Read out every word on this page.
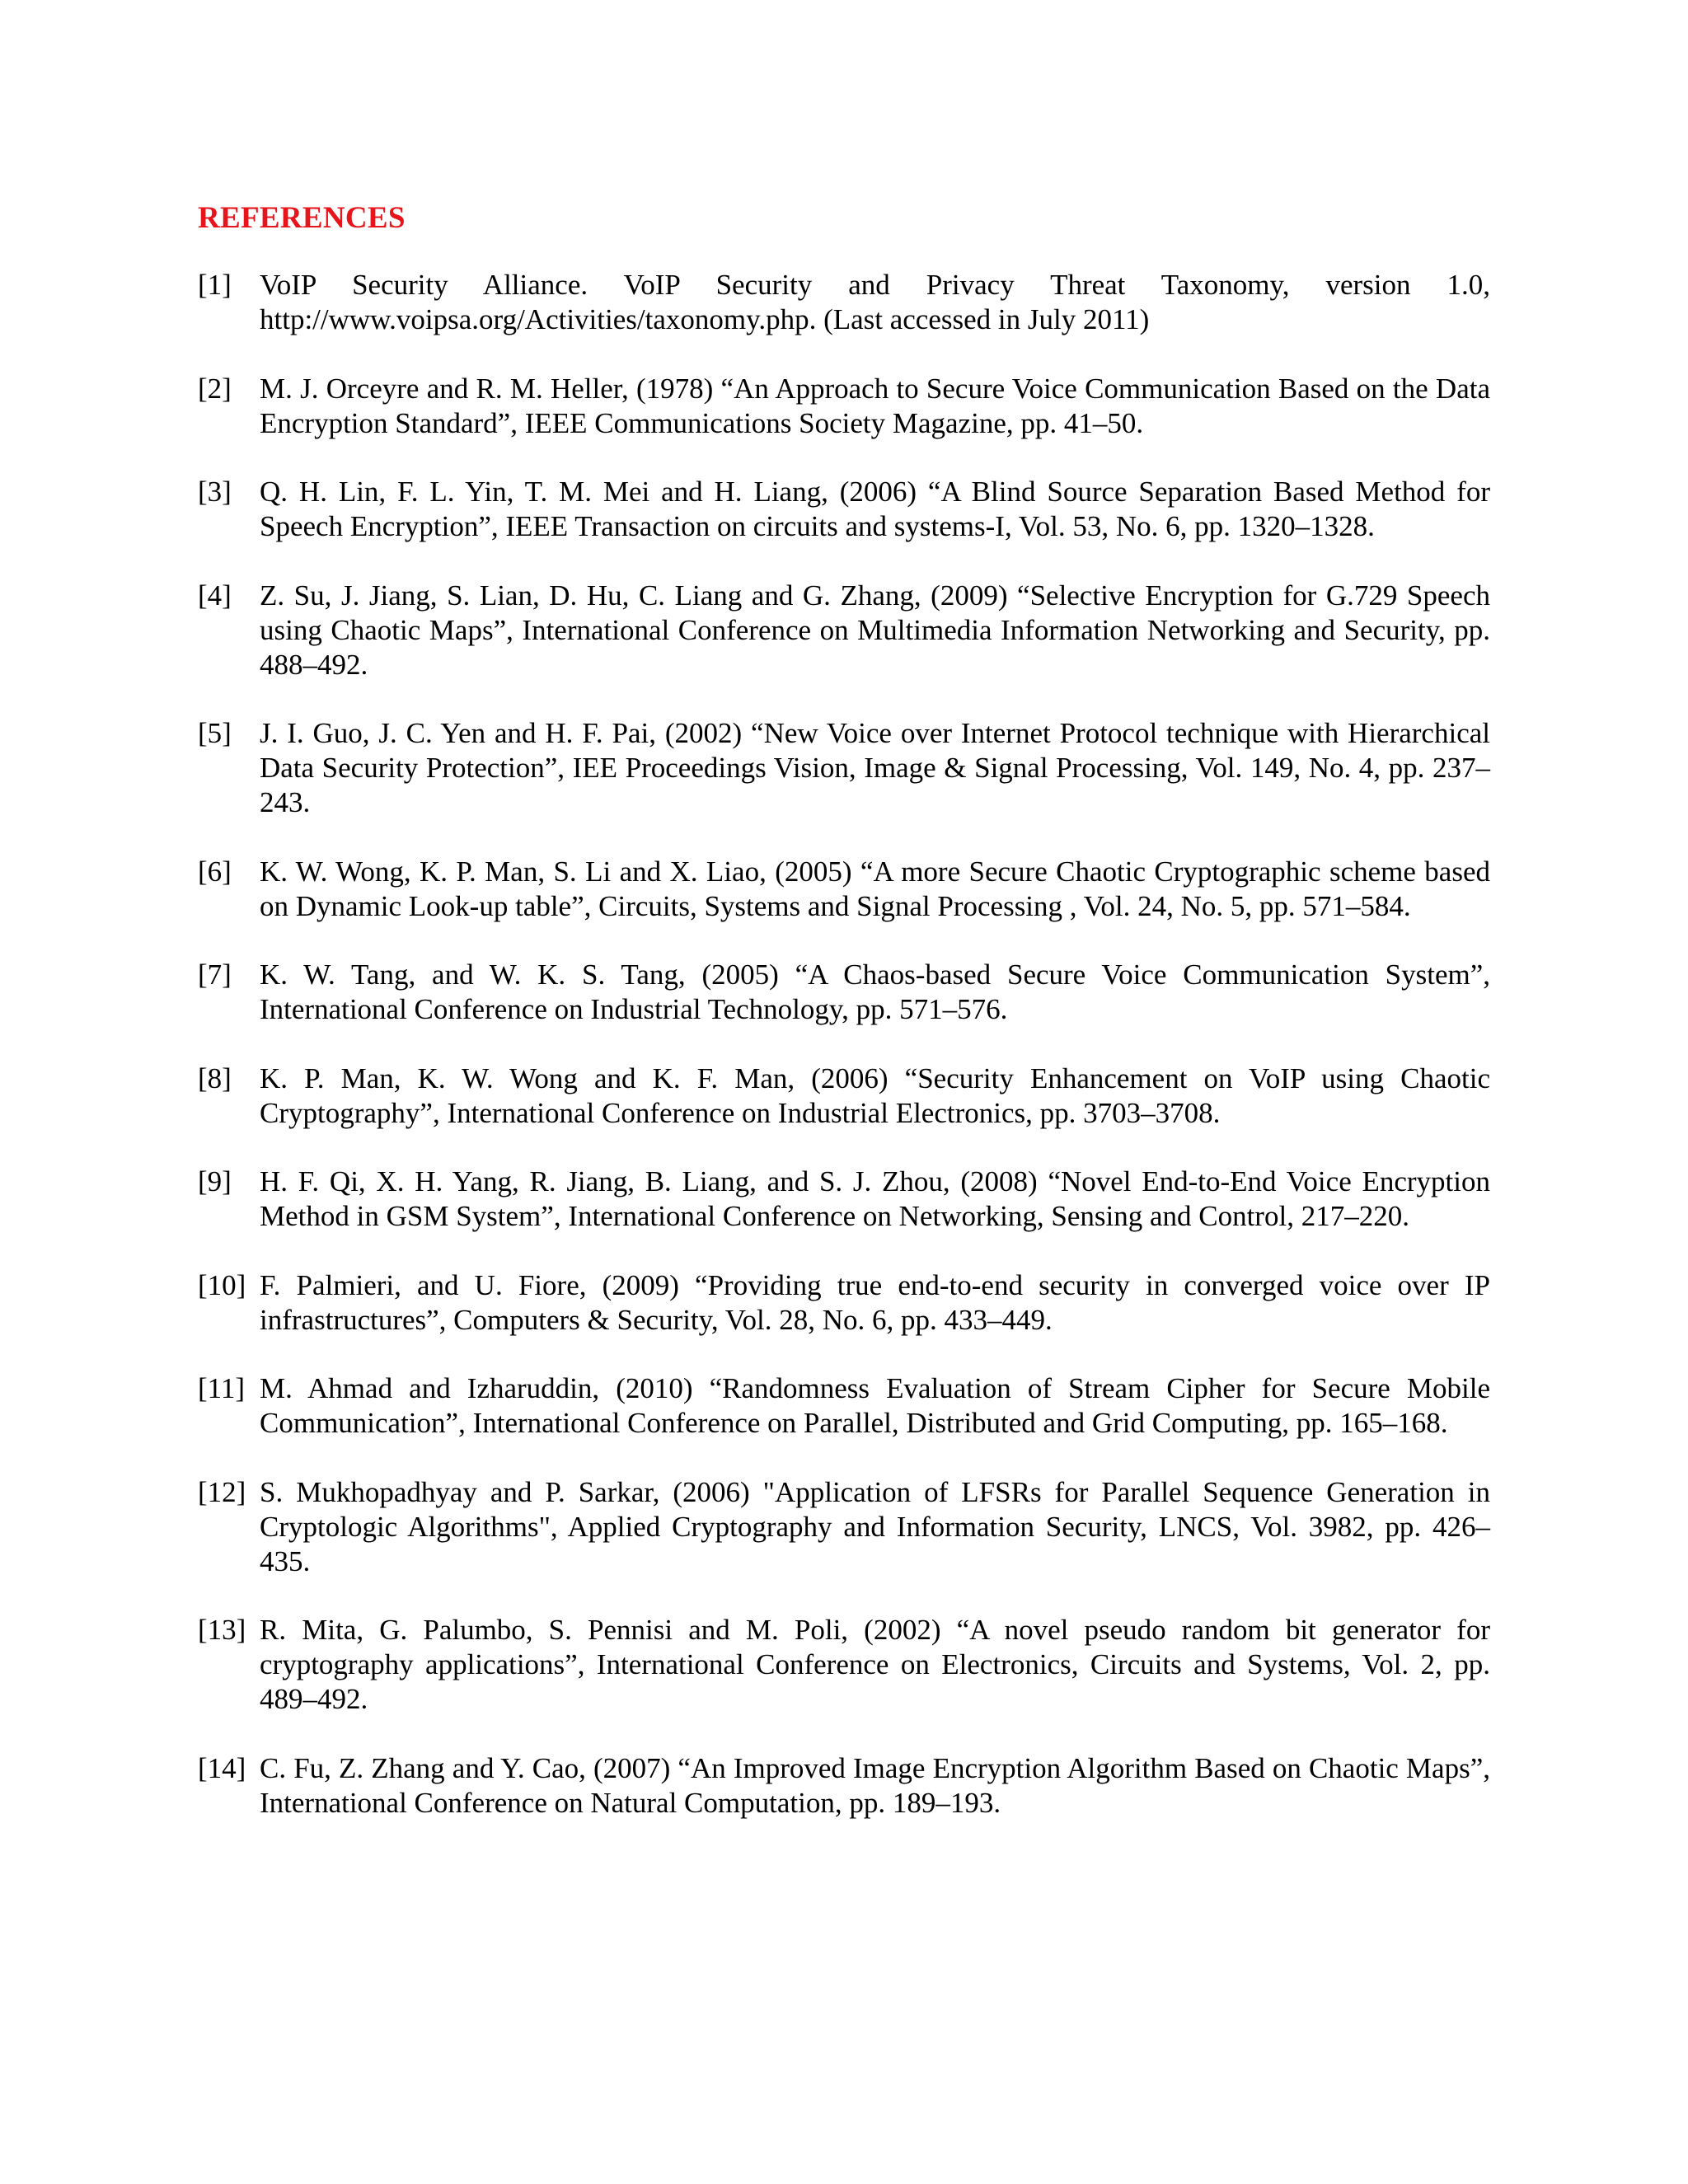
REFERENCES
[1] VoIP Security Alliance. VoIP Security and Privacy Threat Taxonomy, version 1.0, http://www.voipsa.org/Activities/taxonomy.php. (Last accessed in July 2011)
[2] M. J. Orceyre and R. M. Heller, (1978) “An Approach to Secure Voice Communication Based on the Data Encryption Standard”, IEEE Communications Society Magazine, pp. 41–50.
[3] Q. H. Lin, F. L. Yin, T. M. Mei and H. Liang, (2006) “A Blind Source Separation Based Method for Speech Encryption”, IEEE Transaction on circuits and systems-I, Vol. 53, No. 6, pp. 1320–1328.
[4] Z. Su, J. Jiang, S. Lian, D. Hu, C. Liang and G. Zhang, (2009) “Selective Encryption for G.729 Speech using Chaotic Maps”, International Conference on Multimedia Information Networking and Security, pp. 488–492.
[5] J. I. Guo, J. C. Yen and H. F. Pai, (2002) “New Voice over Internet Protocol technique with Hierarchical Data Security Protection”, IEE Proceedings Vision, Image & Signal Processing, Vol. 149, No. 4, pp. 237–243.
[6] K. W. Wong, K. P. Man, S. Li and X. Liao, (2005) “A more Secure Chaotic Cryptographic scheme based on Dynamic Look-up table”, Circuits, Systems and Signal Processing , Vol. 24, No. 5, pp. 571–584.
[7] K. W. Tang, and W. K. S. Tang, (2005) “A Chaos-based Secure Voice Communication System”, International Conference on Industrial Technology, pp. 571–576.
[8] K. P. Man, K. W. Wong and K. F. Man, (2006) “Security Enhancement on VoIP using Chaotic Cryptography”, International Conference on Industrial Electronics, pp. 3703–3708.
[9] H. F. Qi, X. H. Yang, R. Jiang, B. Liang, and S. J. Zhou, (2008) “Novel End-to-End Voice Encryption Method in GSM System”, International Conference on Networking, Sensing and Control, 217–220.
[10] F. Palmieri, and U. Fiore, (2009) “Providing true end-to-end security in converged voice over IP infrastructures”, Computers & Security, Vol. 28, No. 6, pp. 433–449.
[11] M. Ahmad and Izharuddin, (2010) “Randomness Evaluation of Stream Cipher for Secure Mobile Communication”, International Conference on Parallel, Distributed and Grid Computing, pp. 165–168.
[12] S. Mukhopadhyay and P. Sarkar, (2006) "Application of LFSRs for Parallel Sequence Generation in Cryptologic Algorithms", Applied Cryptography and Information Security, LNCS, Vol. 3982, pp. 426–435.
[13] R. Mita, G. Palumbo, S. Pennisi and M. Poli, (2002) “A novel pseudo random bit generator for cryptography applications”, International Conference on Electronics, Circuits and Systems, Vol. 2, pp. 489–492.
[14] C. Fu, Z. Zhang and Y. Cao, (2007) “An Improved Image Encryption Algorithm Based on Chaotic Maps”, International Conference on Natural Computation, pp. 189–193.
